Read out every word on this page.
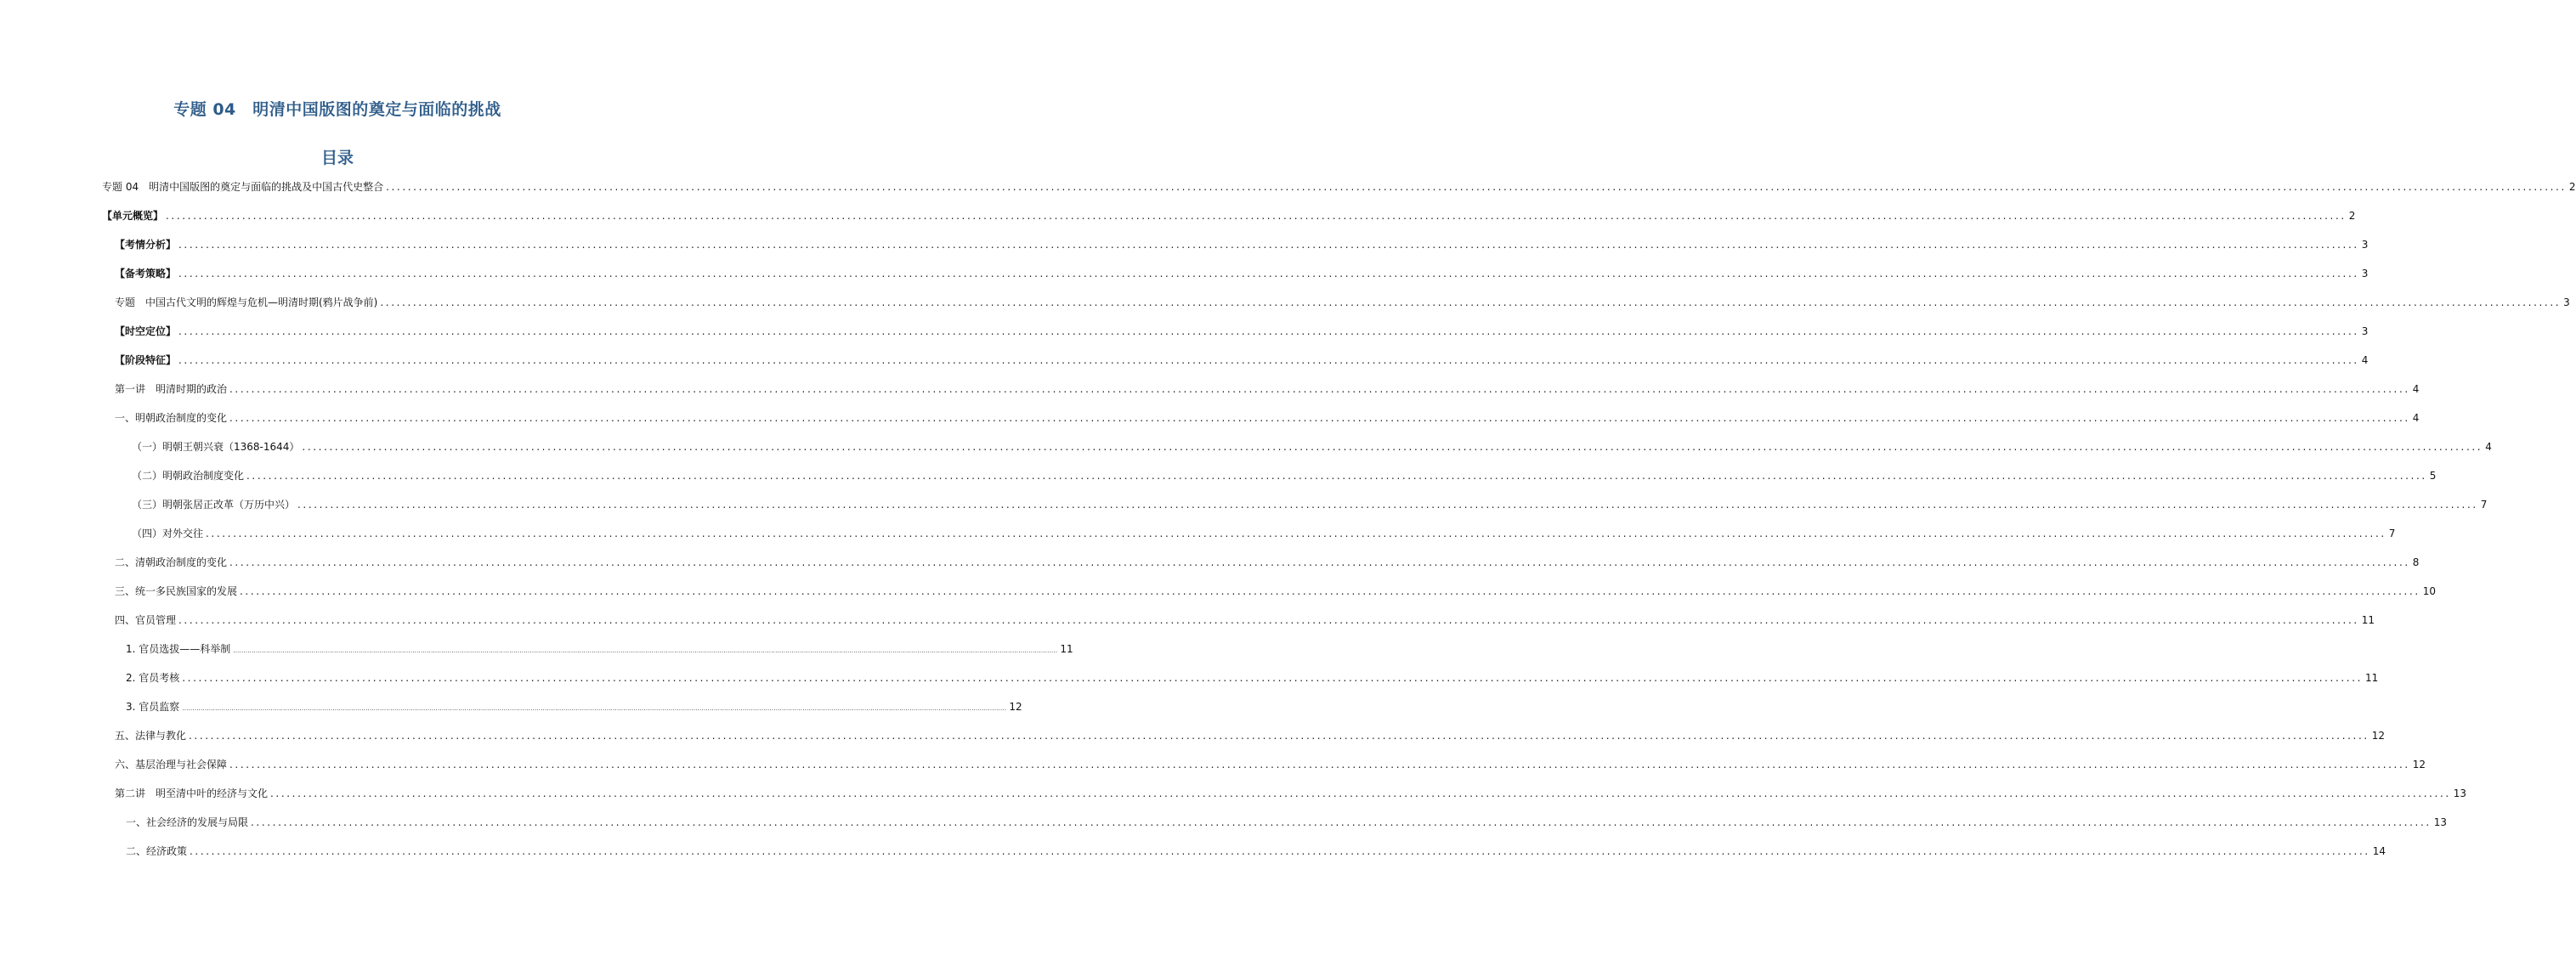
专题 04　明清中国版图的奠定与面临的挑战
目录
专题 04　明清中国版图的奠定与面临的挑战及中国古代史整合 ................................................................................................................................................................................................................................................................................................................................................................................................................ 2
【单元概览】 ................................................................................................................................................................................................................................................................................................................................................................................................................ 2
【考情分析】 ................................................................................................................................................................................................................................................................................................................................................................................................................ 3
【备考策略】 ................................................................................................................................................................................................................................................................................................................................................................................................................ 3
专题　中国古代文明的辉煌与危机—明清时期(鸦片战争前) ................................................................................................................................................................................................................................................................................................................................................................................................................ 3
【时空定位】 ................................................................................................................................................................................................................................................................................................................................................................................................................ 3
【阶段特征】 ................................................................................................................................................................................................................................................................................................................................................................................................................ 4
第一讲　明清时期的政治 ................................................................................................................................................................................................................................................................................................................................................................................................................ 4
一、明朝政治制度的变化 ................................................................................................................................................................................................................................................................................................................................................................................................................ 4
（一）明朝王朝兴衰（1368-1644） ................................................................................................................................................................................................................................................................................................................................................................................................................ 4
（二）明朝政治制度变化 ................................................................................................................................................................................................................................................................................................................................................................................................................ 5
（三）明朝张居正改革（万历中兴） ................................................................................................................................................................................................................................................................................................................................................................................................................ 7
（四）对外交往 ................................................................................................................................................................................................................................................................................................................................................................................................................ 7
二、清朝政治制度的变化 ................................................................................................................................................................................................................................................................................................................................................................................................................ 8
三、统一多民族国家的发展 ................................................................................................................................................................................................................................................................................................................................................................................................................ 10
四、官员管理 ................................................................................................................................................................................................................................................................................................................................................................................................................ 11
1. 官员选拔——科举制 ................................................................................................................................................................................................................................................................................................................................................................................................................ 11
2. 官员考核 ................................................................................................................................................................................................................................................................................................................................................................................................................ 11
3. 官员监察 ................................................................................................................................................................................................................................................................................................................................................................................................................ 12
五、法律与教化 ................................................................................................................................................................................................................................................................................................................................................................................................................ 12
六、基层治理与社会保障 ................................................................................................................................................................................................................................................................................................................................................................................................................ 12
第二讲　明至清中叶的经济与文化 ................................................................................................................................................................................................................................................................................................................................................................................................................ 13
一、社会经济的发展与局限 ................................................................................................................................................................................................................................................................................................................................................................................................................ 13
二、经济政策 ................................................................................................................................................................................................................................................................................................................................................................................................................ 14
